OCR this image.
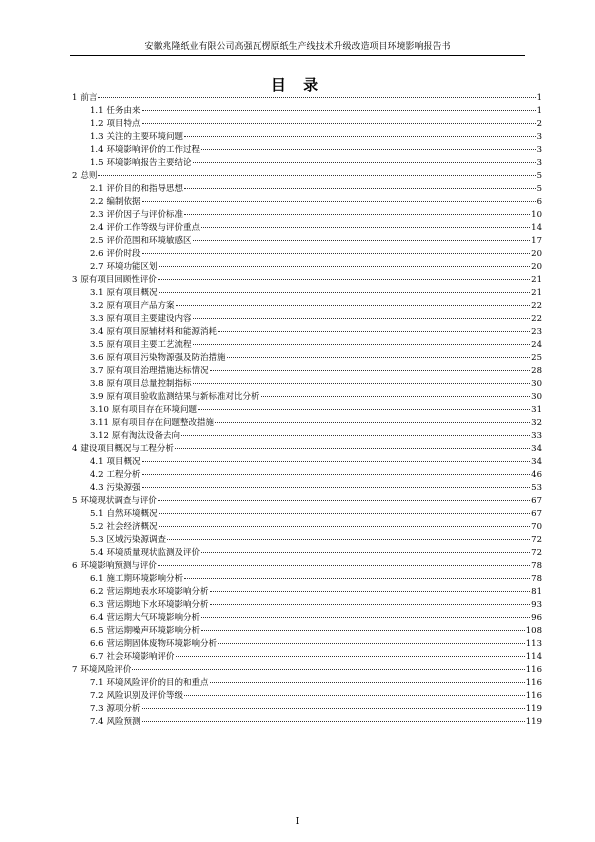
安徽兆隆纸业有限公司高强瓦楞原纸生产线技术升级改造项目环境影响报告书
目 录
1 前言	1
1.1 任务由来	1
1.2 项目特点	2
1.3 关注的主要环境问题	3
1.4 环境影响评价的工作过程	3
1.5 环境影响报告主要结论	3
2 总则	5
2.1 评价目的和指导思想	5
2.2 编制依据	6
2.3 评价因子与评价标准	10
2.4 评价工作等级与评价重点	14
2.5 评价范围和环境敏感区	17
2.6 评价时段	20
2.7 环境功能区划	20
3 原有项目回顾性评价	21
3.1 原有项目概况	21
3.2 原有项目产品方案	22
3.3 原有项目主要建设内容	22
3.4 原有项目原辅材料和能源消耗	23
3.5 原有项目主要工艺流程	24
3.6 原有项目污染物源强及防治措施	25
3.7 原有项目治理措施达标情况	28
3.8 原有项目总量控制指标	30
3.9 原有项目验收监测结果与新标准对比分析	30
3.10 原有项目存在环境问题	31
3.11 原有项目存在问题整改措施	32
3.12 原有淘汰设备去向	33
4 建设项目概况与工程分析	34
4.1 项目概况	34
4.2 工程分析	46
4.3 污染源强	53
5 环境现状调查与评价	67
5.1 自然环境概况	67
5.2 社会经济概况	70
5.3 区域污染源调查	72
5.4 环境质量现状监测及评价	72
6 环境影响预测与评价	78
6.1 施工期环境影响分析	78
6.2 营运期地表水环境影响分析	81
6.3 营运期地下水环境影响分析	93
6.4 营运期大气环境影响分析	96
6.5 营运期噪声环境影响分析	108
6.6 营运期固体废物环境影响分析	113
6.7 社会环境影响评价	114
7 环境风险评价	116
7.1 环境风险评价的目的和重点	116
7.2 风险识别及评价等级	116
7.3 源项分析	119
7.4 风险预测	119
I
